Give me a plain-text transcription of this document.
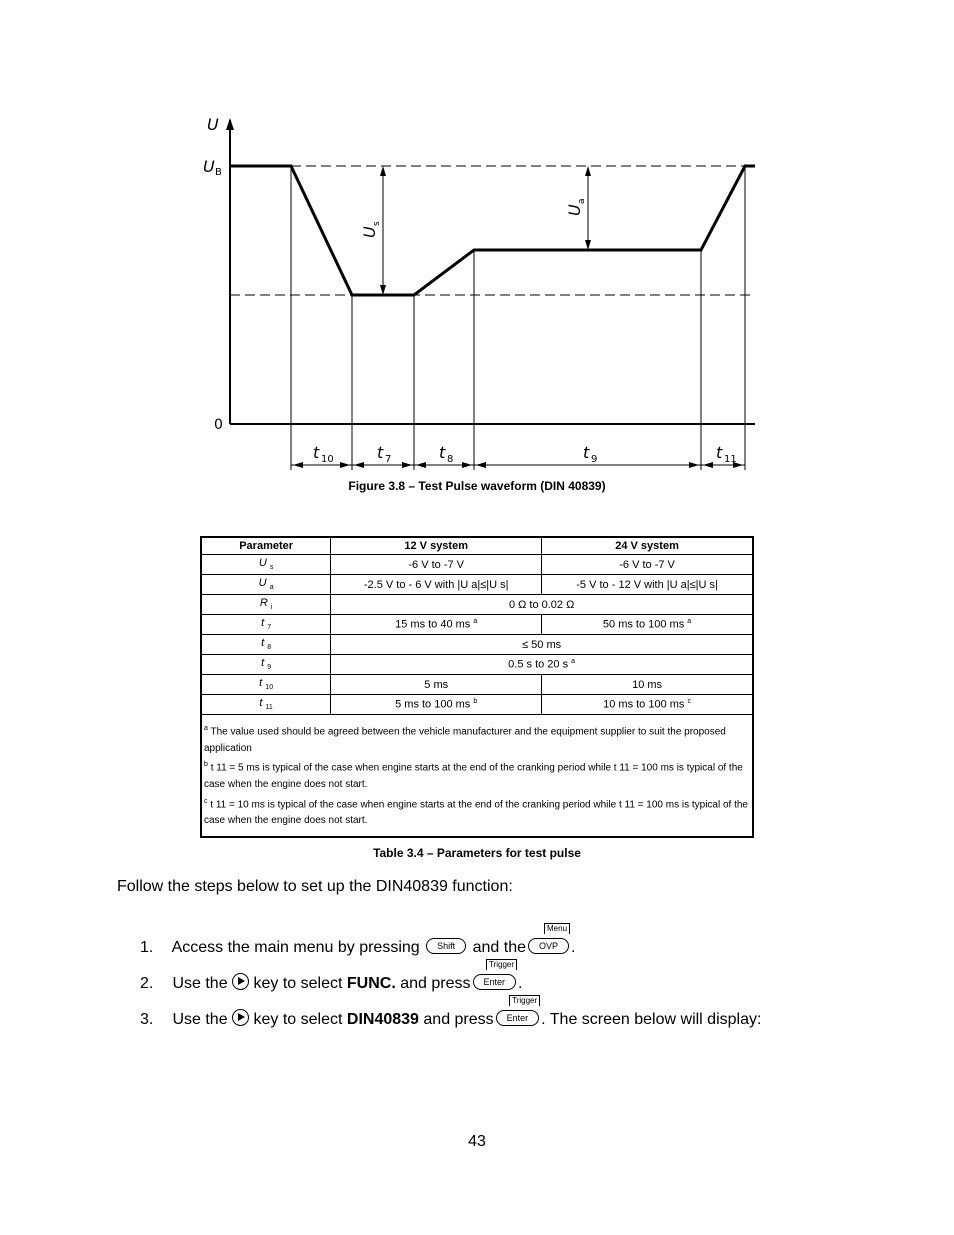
U
U B
0
U
s
U
a
t 10	t 7	t 8	t 9	t 11
Figure 3.8 – Test Pulse waveform (DIN 40839)
Parameter	12 V system	24 V system
U $_s$	-6 V to -7 V	-6 V to -7 V
U $_a$	-2.5 V to - 6 V with |U a|≤|U s|	-5 V to - 12 V with |U a|≤|U s|
R $_i$	0 Ω to 0.02 Ω	
t $_7$	15 ms to 40 ms $^a$	50 ms to 100 ms $^a$
t $_8$	≤ 50 ms	
t $_9$	0.5 s to 20 s $^a$
t $_{10}$	5 ms	10 ms
t $_{11}$	5 ms to 100 ms $^b$	10 ms to 100 ms $^c$

$^a$ The value used should be agreed between the vehicle manufacturer and the equipment supplier to suit the proposed application
$^b$ t 11 = 5 ms is typical of the case when engine starts at the end of the cranking period while t 11 = 100 ms is typical of the case when the engine does not start.
$^c$ t 11 = 10 ms is typical of the case when engine starts at the end of the cranking period while t 11 = 100 ms is typical of the case when the engine does not start.		
Table 3.4 – Parameters for test pulse
Follow the steps below to set up the DIN40839 function:
1. Access the main menu by pressing Shift and the
Menu
OVP .
2. Use the key to select FUNC. and press
Trigger
Enter .
3. Use the key to select DIN40839 and press
Trigger
Enter . The screen below will display:
43
